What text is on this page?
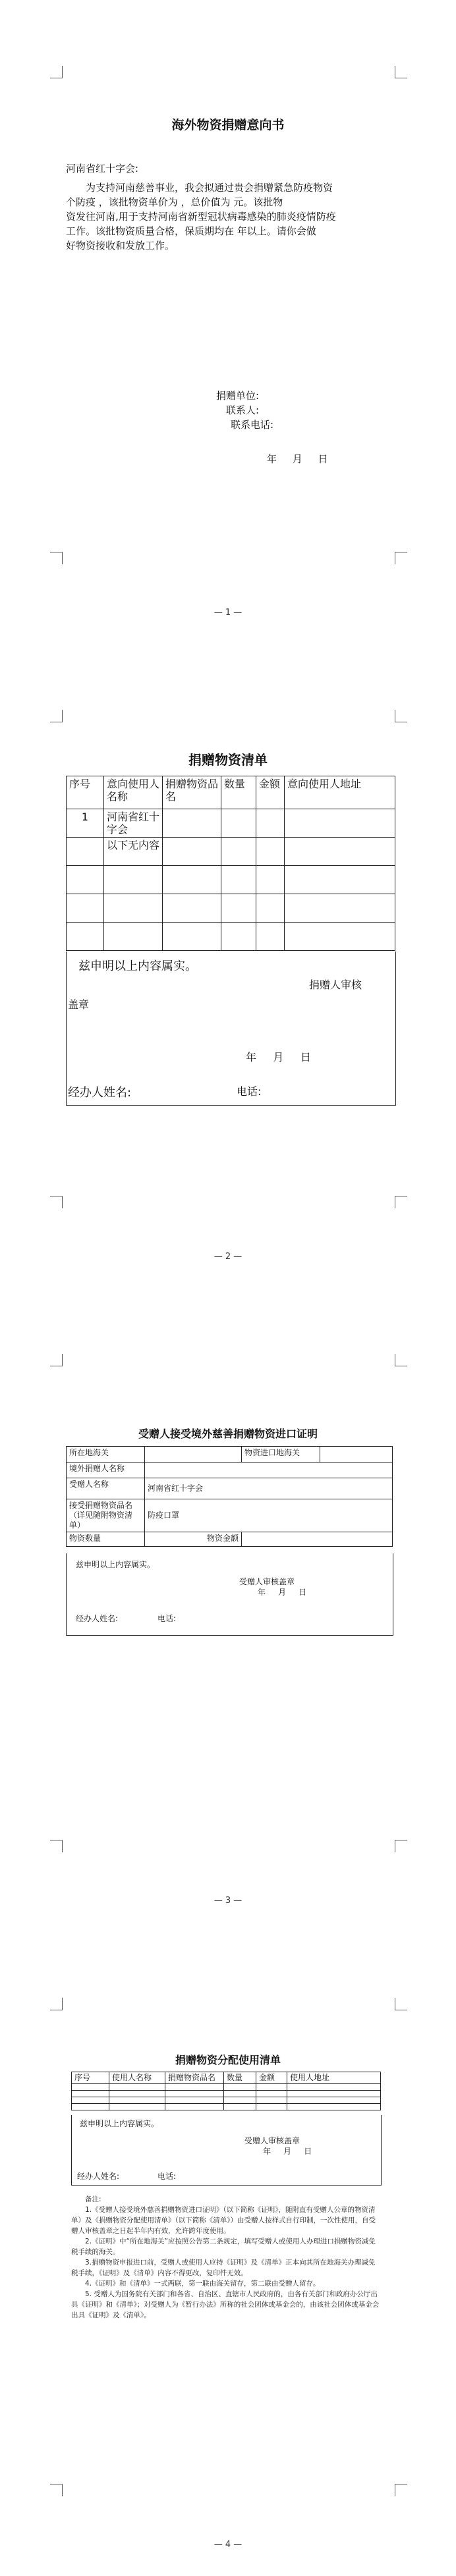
海外物资捐赠意向书
河南省红十字会:
为支持河南慈善事业，我会拟通过贵会捐赠紧急防疫物资
个防疫 ，该批物资单价为 ，总价值为 元。该批物
资发往河南,用于支持河南省新型冠状病毒感染的肺炎疫情防疫
工作。该批物资质量合格，保质期均在 年以上。请你会做
好物资接收和发放工作。
捐赠单位:
联系人:
联系电话:
年     月     日
— 1 —
捐赠物资清单
序号	意向使用人名称	捐赠物资品名	数量	金额	意向使用人地址
1	河南省红十字会				
	以下无内容				

兹申明以上内容属实。
捐赠人审核
盖章
年     月     日
经办人姓名:	电话:
— 2 —
受赠人接受境外慈善捐赠物资进口证明
所在地海关		物资进口地海关	
境外捐赠人名称			
受赠人名称	河南省红十字会		
接受捐赠物资品名（详见随附物资清单）	防疫口罩		
物资数量	物资金额		
兹申明以上内容属实。
受赠人审核盖章
年     月     日
经办人姓名:	电话:
— 3 —
捐赠物资分配使用清单
序号	使用人名称	捐赠物资品名	数量	金额	使用人地址

兹申明以上内容属实。
受赠人审核盖章
年     月     日
经办人姓名:	电话:

备注:

1.《受赠人接受境外慈善捐赠物资进口证明》（以下简称《证明》，随附直有受赠人公章的物资清单）及《捐赠物资分配使用清单》（以下简称《清单》）由受赠人按样式自行印制，一次性使用，自受赠人审核盖章之日起半年内有效，允许跨年度使用。

2.《证明》中“所在地海关”应按照公告第二条规定，填写受赠人或使用人办理进口捐赠物资减免税手续的海关。

3.捐赠物资申报进口前，受赠人或使用人应持《证明》及《清单》正本向其所在地海关办理减免税手续，《证明》及《清单》内容不得更改，复印件无效。

4.《证明》和《清单》一式两联，第一联由海关留存，第二联由受赠人留存。

5. 受赠人为国务院有关部门和各省、自治区、直辖市人民政府的，由各有关部门和政府办公厅出具《证明》和《清单》；对受赠人为《暂行办法》所称的社会团体或基金会的，由该社会团体或基金会出具《证明》及《清单》。

— 4 —
